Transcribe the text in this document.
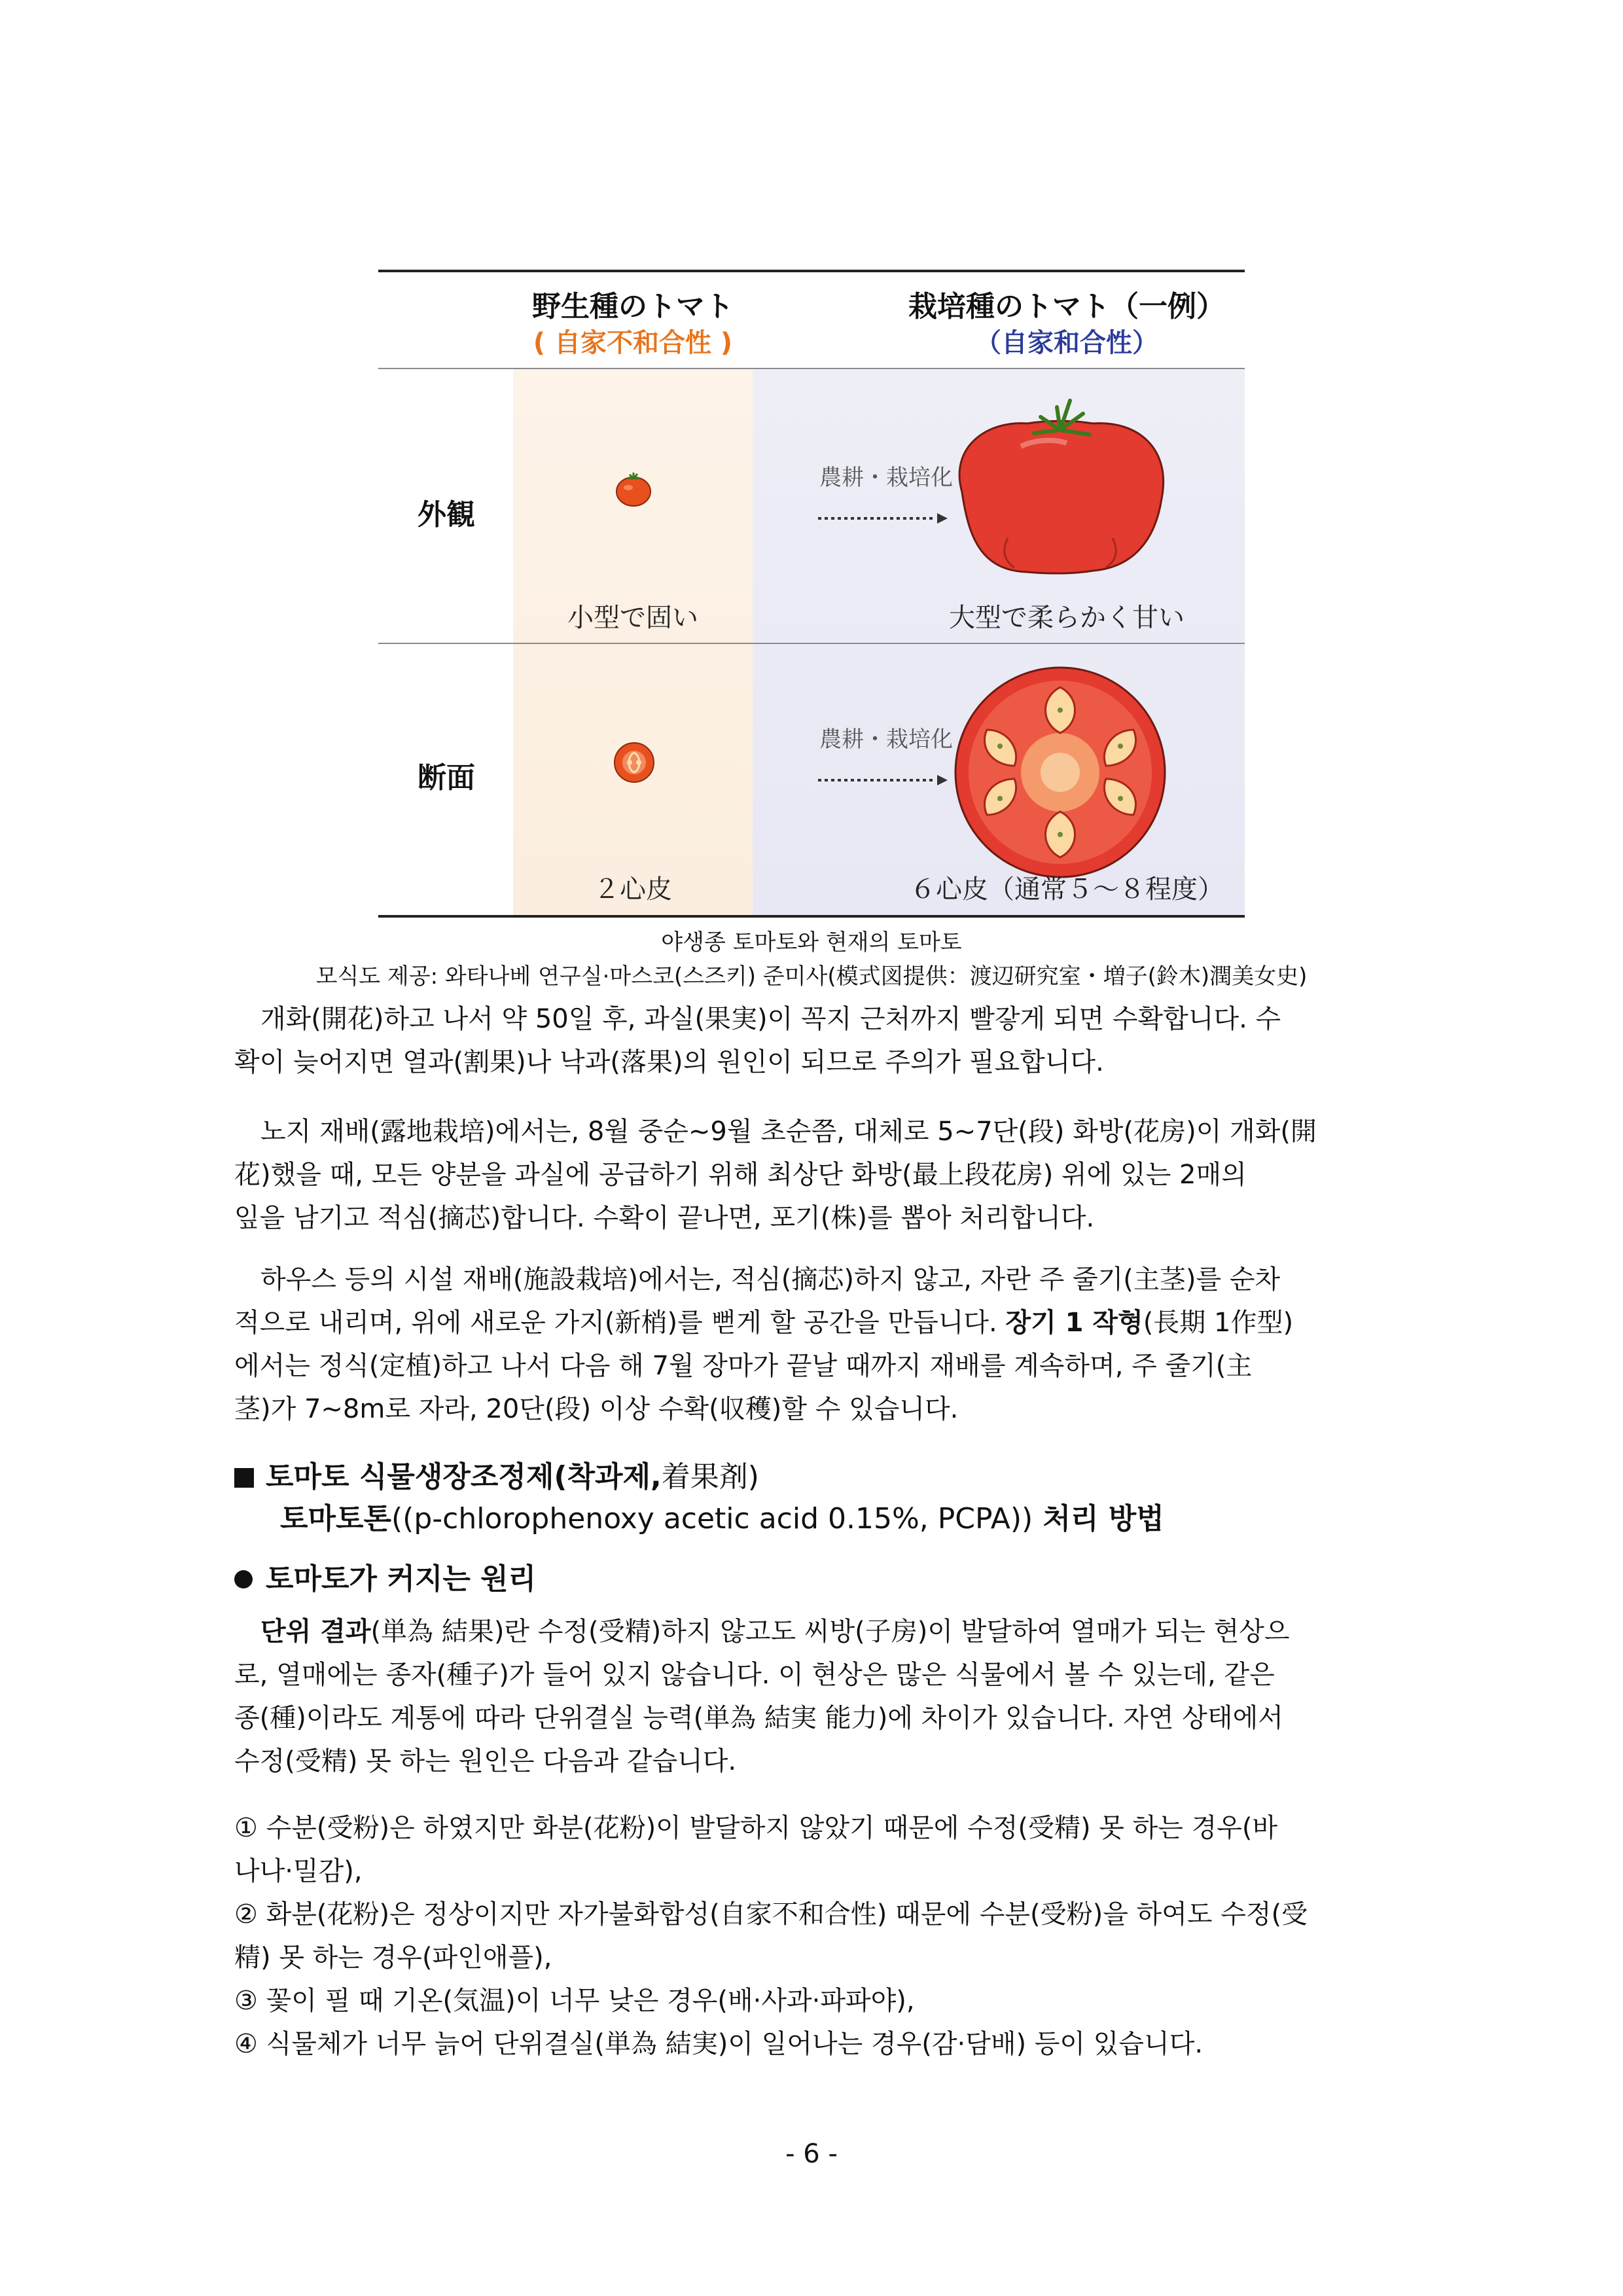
野生種のトマト
( 自家不和合性 )
栽培種のトマト（一例）
（自家和合性）
外観
断面
農耕・栽培化
小型で固い	大型で柔らかく甘い
農耕・栽培化
２心皮	６心皮（通常５～８程度）
야생종 토마토와 현재의 토마토
모식도 제공: 와타나베 연구실·마스코(스즈키) 준미사(模式図提供：渡辺研究室・増子(鈴木)潤美女史)
개화(開花)하고 나서 약 50일 후, 과실(果実)이 꼭지 근처까지 빨갛게 되면 수확합니다. 수
확이 늦어지면 열과(割果)나 낙과(落果)의 원인이 되므로 주의가 필요합니다.
노지 재배(露地栽培)에서는, 8월 중순~9월 초순쯤, 대체로 5~7단(段) 화방(花房)이 개화(開
花)했을 때, 모든 양분을 과실에 공급하기 위해 최상단 화방(最上段花房) 위에 있는 2매의
잎을 남기고 적심(摘芯)합니다. 수확이 끝나면, 포기(株)를 뽑아 처리합니다.
하우스 등의 시설 재배(施設栽培)에서는, 적심(摘芯)하지 않고, 자란 주 줄기(主茎)를 순차
적으로 내리며, 위에 새로운 가지(新梢)를 뻗게 할 공간을 만듭니다. 장기 1 작형(長期 1作型)
에서는 정식(定植)하고 나서 다음 해 7월 장마가 끝날 때까지 재배를 계속하며, 주 줄기(主
茎)가 7~8m로 자라, 20단(段) 이상 수확(収穫)할 수 있습니다.
토마토 식물생장조정제(착과제,着果剤)
토마토톤((p-chlorophenoxy acetic acid 0.15%, PCPA)) 처리 방법
토마토가 커지는 원리
단위 결과(単為 結果)란 수정(受精)하지 않고도 씨방(子房)이 발달하여 열매가 되는 현상으
로, 열매에는 종자(種子)가 들어 있지 않습니다. 이 현상은 많은 식물에서 볼 수 있는데, 같은
종(種)이라도 계통에 따라 단위결실 능력(単為 結実 能力)에 차이가 있습니다. 자연 상태에서
수정(受精) 못 하는 원인은 다음과 같습니다.
① 수분(受粉)은 하였지만 화분(花粉)이 발달하지 않았기 때문에 수정(受精) 못 하는 경우(바
나나·밀감),
② 화분(花粉)은 정상이지만 자가불화합성(自家不和合性) 때문에 수분(受粉)을 하여도 수정(受
精) 못 하는 경우(파인애플),
③ 꽃이 필 때 기온(気温)이 너무 낮은 경우(배·사과·파파야),
④ 식물체가 너무 늙어 단위결실(単為 結実)이 일어나는 경우(감·담배) 등이 있습니다.
- 6 -
